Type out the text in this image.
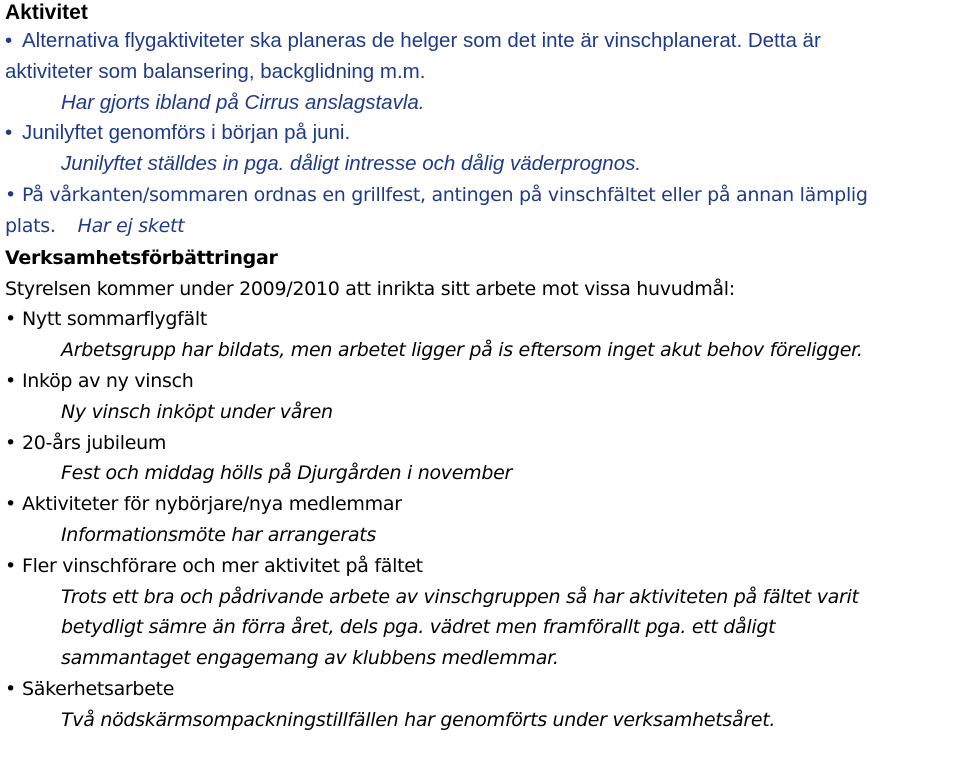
Aktivitet
• Alternativa flygaktiviteter ska planeras de helger som det inte är vinschplanerat. Detta är
aktiviteter som balansering, backglidning m.m.
Har gjorts ibland på Cirrus anslagstavla.
• Junilyftet genomförs i början på juni.
Junilyftet ställdes in pga. dåligt intresse och dålig väderprognos.
• På vårkanten/sommaren ordnas en grillfest, antingen på vinschfältet eller på annan lämplig
plats. Har ej skett
Verksamhetsförbättringar
Styrelsen kommer under 2009/2010 att inrikta sitt arbete mot vissa huvudmål:
• Nytt sommarflygfält
Arbetsgrupp har bildats, men arbetet ligger på is eftersom inget akut behov föreligger.
• Inköp av ny vinsch
Ny vinsch inköpt under våren
• 20-års jubileum
Fest och middag hölls på Djurgården i november
• Aktiviteter för nybörjare/nya medlemmar
Informationsmöte har arrangerats
• Fler vinschförare och mer aktivitet på fältet
Trots ett bra och pådrivande arbete av vinschgruppen så har aktiviteten på fältet varit
betydligt sämre än förra året, dels pga. vädret men framförallt pga. ett dåligt
sammantaget engagemang av klubbens medlemmar.
• Säkerhetsarbete
Två nödskärmsompackningstillfällen har genomförts under verksamhetsåret.
